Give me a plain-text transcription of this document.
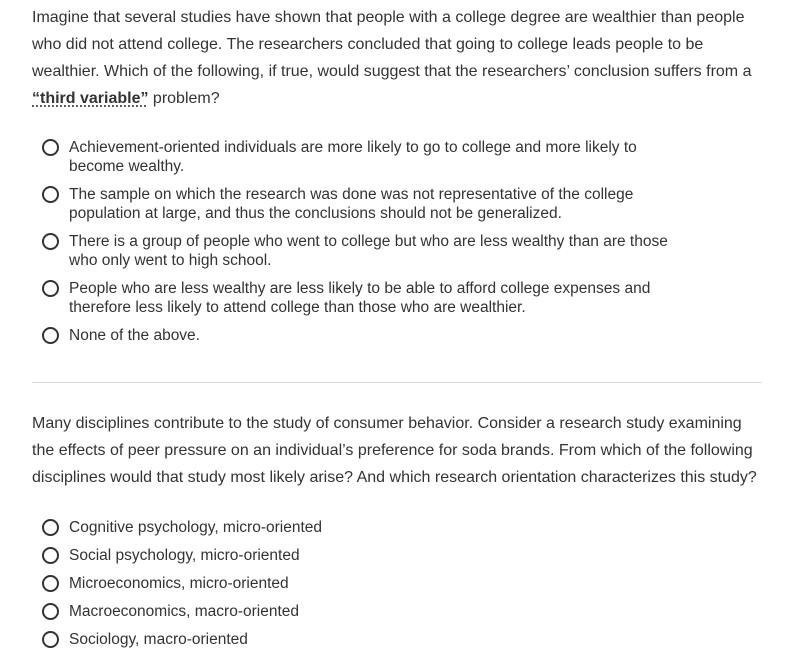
Imagine that several studies have shown that people with a college degree are wealthier than people who did not attend college. The researchers concluded that going to college leads people to be wealthier. Which of the following, if true, would suggest that the researchers’ conclusion suffers from a “third variable” problem?

Achievement-oriented individuals are more likely to go to college and more likely to become wealthy.
The sample on which the research was done was not representative of the college population at large, and thus the conclusions should not be generalized.
There is a group of people who went to college but who are less wealthy than are those who only went to high school.
People who are less wealthy are less likely to be able to afford college expenses and therefore less likely to attend college than those who are wealthier.
None of the above.

Many disciplines contribute to the study of consumer behavior. Consider a research study examining the effects of peer pressure on an individual’s preference for soda brands. From which of the following disciplines would that study most likely arise? And which research orientation characterizes this study?

Cognitive psychology, micro-oriented
Social psychology, micro-oriented
Microeconomics, micro-oriented
Macroeconomics, macro-oriented
Sociology, macro-oriented
